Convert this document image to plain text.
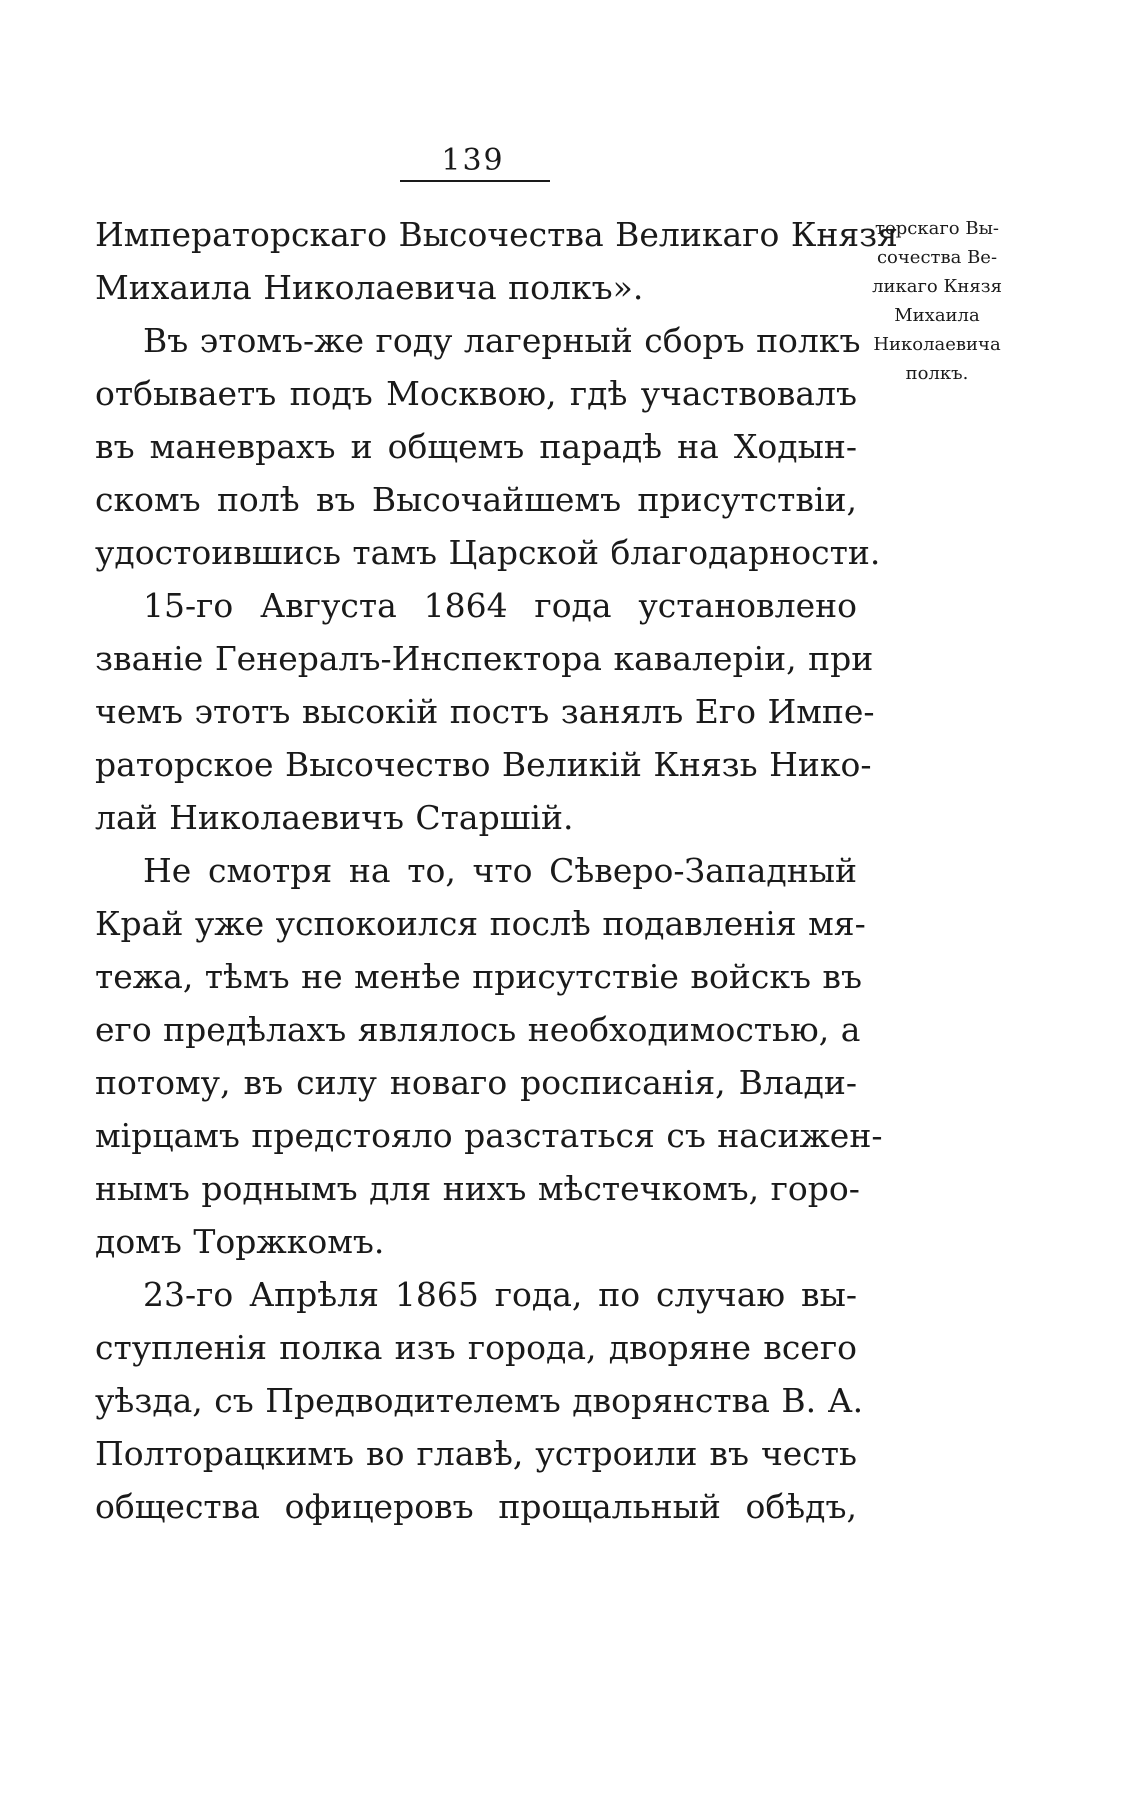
139
Императорскаго Высочества Великаго Князя
Михаила Николаевича полкъ».
Въ этомъ-же году лагерный сборъ полкъ
отбываетъ подъ Москвою, гдѣ участвовалъ
въ маневрахъ и общемъ парадѣ на Ходын-
скомъ полѣ въ Высочайшемъ присутствіи,
удостоившись тамъ Царской благодарности.
15-го Августа 1864 года установлено
званіе Генералъ-Инспектора кавалеріи, при
чемъ этотъ высокій постъ занялъ Его Импе-
раторское Высочество Великій Князь Нико-
лай Николаевичъ Старшій.
Не смотря на то, что Сѣверо-Западный
Край уже успокоился послѣ подавленія мя-
тежа, тѣмъ не менѣе присутствіе войскъ въ
его предѣлахъ являлось необходимостью, а
потому, въ силу новаго росписанія, Влади-
мірцамъ предстояло разстаться съ насижен-
нымъ роднымъ для нихъ мѣстечкомъ, горо-
домъ Торжкомъ.
23-го Апрѣля 1865 года, по случаю вы-
ступленія полка изъ города, дворяне всего
уѣзда, съ Предводителемъ дворянства В. А.
Полторацкимъ во главѣ, устроили въ честь
общества офицеровъ прощальный обѣдъ,
торскаго Вы-
сочества Ве-
ликаго Князя
Михаила
Николаевича
полкъ.
